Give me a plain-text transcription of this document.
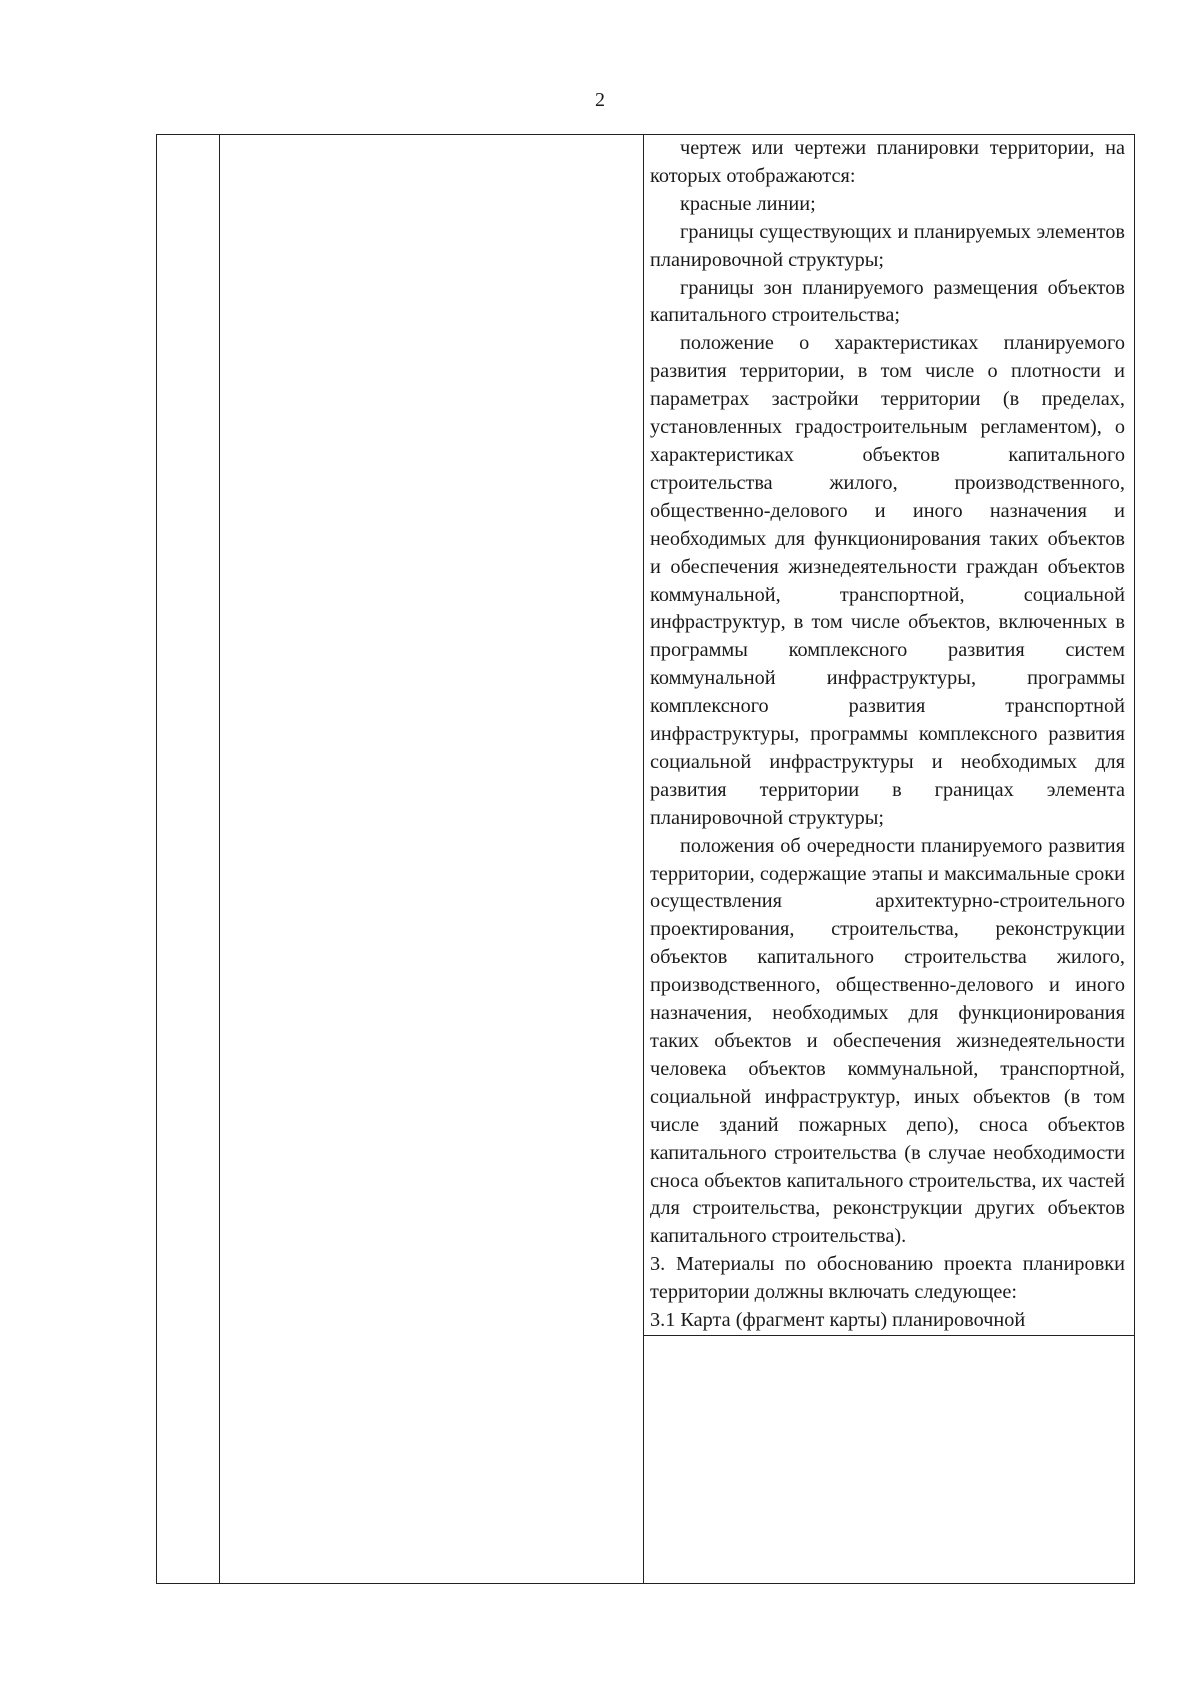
2

чертеж или чертежи планировки территории, на которых отображаются:

красные линии;

границы существующих и планируемых элементов планировочной структуры;

границы зон планируемого размещения объектов капитального строительства;

положение о характеристиках планируемого развития территории, в том числе о плотности и параметрах застройки территории (в пределах, установленных градостроительным регламентом), о характеристиках объектов капитального строительства жилого, производственного, общественно-делового и иного назначения и необходимых для функционирования таких объектов и обеспечения жизнедеятельности граждан объектов коммунальной, транспортной, социальной инфраструктур, в том числе объектов, включенных в программы комплексного развития систем коммунальной инфраструктуры, программы комплексного развития транспортной инфраструктуры, программы комплексного развития социальной инфраструктуры и необходимых для развития территории в границах элемента планировочной структуры;

положения об очередности планируемого развития территории, содержащие этапы и максимальные сроки осуществления архитектурно-строительного проектирования, строительства, реконструкции объектов капитального строительства жилого, производственного, общественно-делового и иного назначения, необходимых для функционирования таких объектов и обеспечения жизнедеятельности человека объектов коммунальной, транспортной, социальной инфраструктур, иных объектов (в том числе зданий пожарных депо), сноса объектов капитального строительства (в случае необходимости сноса объектов капитального строительства, их частей для строительства, реконструкции других объектов капитального строительства).

3. Материалы по обоснованию проекта планировки территории должны включать следующее:

3.1 Карта (фрагмент карты) планировочной
